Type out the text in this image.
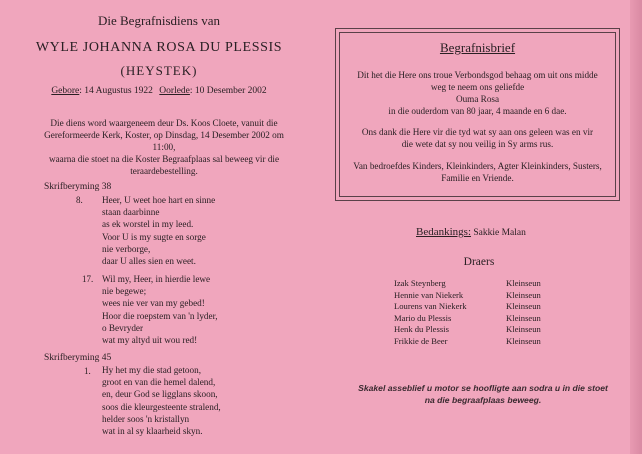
Die Begrafnisdiens van
WYLE JOHANNA ROSA DU PLESSIS
(HEYSTEK)
Gebore: 14 Augustus 1922 Oorlede: 10 Desember 2002
Die diens word waargeneem deur Ds. Koos Cloete, vanuit die
Gereformeerde Kerk, Koster, op Dinsdag, 14 Desember 2002 om 11:00,
waarna die stoet na die Koster Begraafplaas sal beweeg vir die
teraardebestelling.
Skrifberyming 38
8. Heer, U weet hoe hart en sinne
staan daarbinne
as ek worstel in my leed.
Voor U is my sugte en sorge
nie verborge,
daar U alles sien en weet.
17. Wil my, Heer, in hierdie lewe
nie begewe;
wees nie ver van my gebed!
Hoor die roepstem van 'n lyder,
o Bevryder
wat my altyd uit wou red!
Skrifberyming 45
1. Hy het my die stad getoon,
groot en van die hemel dalend,
en, deur God se ligglans skoon,
soos die kleurgesteente stralend,
helder soos 'n kristallyn
wat in al sy klaarheid skyn.
Begrafnisbrief
Dit het die Here ons troue Verbondsgod behaag om uit ons midde
weg te neem ons geliefde
Ouma Rosa
in die ouderdom van 80 jaar, 4 maande en 6 dae.
Ons dank die Here vir die tyd wat sy aan ons geleen was en vir
die wete dat sy nou veilig in Sy arms rus.
Van bedroefdes Kinders, Kleinkinders, Agter Kleinkinders, Susters,
Familie en Vriende.
Bedankings: Sakkie Malan
Draers
Izak Steynberg	Kleinseun
Hennie van Niekerk	Kleinseun
Lourens van Niekerk	Kleinseun
Mario du Plessis	Kleinseun
Henk du Plessis	Kleinseun
Frikkie de Beer	Kleinseun
Skakel asseblief u motor se hoofligte aan sodra u in die stoet
na die begraafplaas beweeg.
